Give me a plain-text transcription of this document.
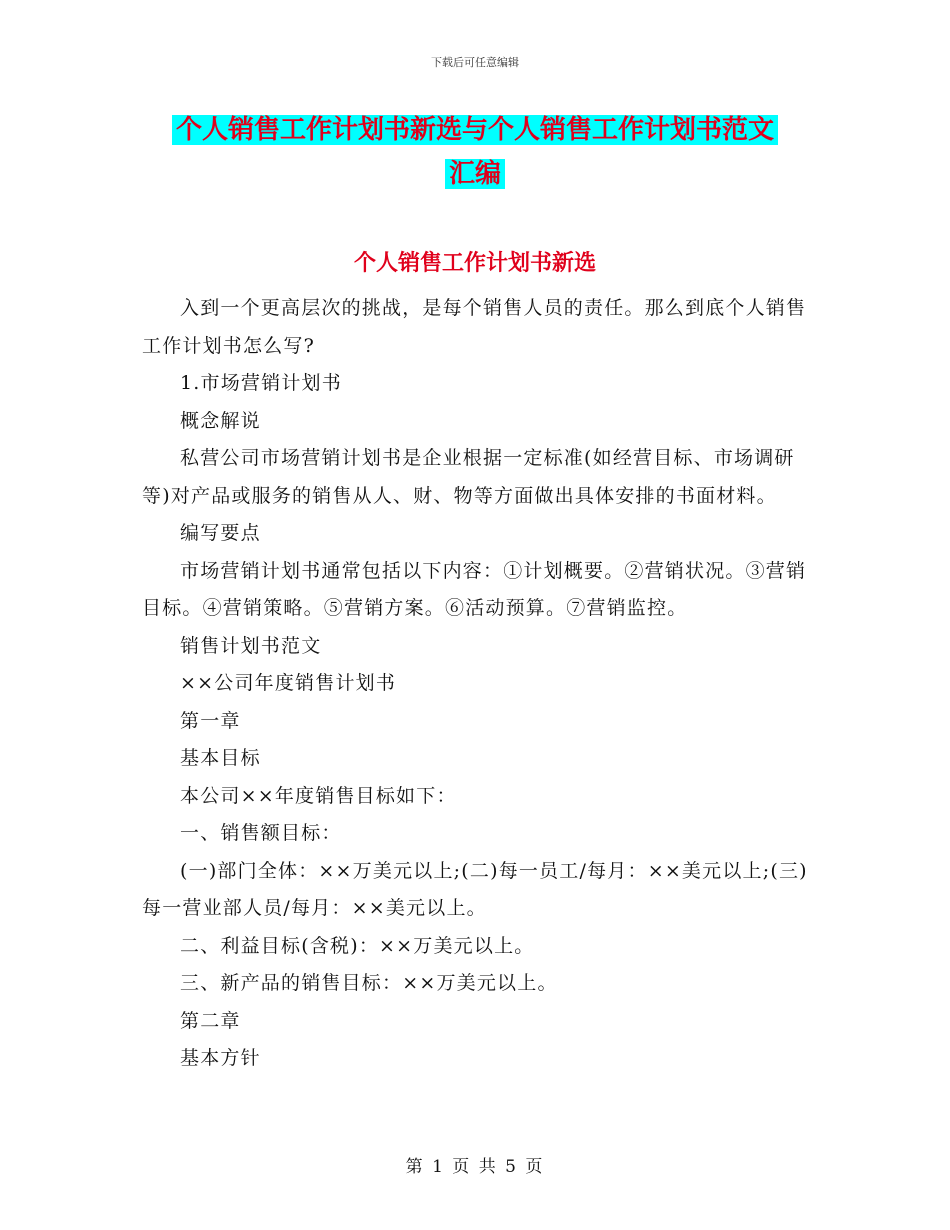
下载后可任意编辑
个人销售工作计划书新选与个人销售工作计划书范文
汇编
个人销售工作计划书新选

入到一个更高层次的挑战，是每个销售人员的责任。那么到底个人销售工作计划书怎么写?

1.市场营销计划书

概念解说

私营公司市场营销计划书是企业根据一定标准(如经营目标、市场调研等)对产品或服务的销售从人、财、物等方面做出具体安排的书面材料。

编写要点

市场营销计划书通常包括以下内容：①计划概要。②营销状况。③营销目标。④营销策略。⑤营销方案。⑥活动预算。⑦营销监控。

销售计划书范文

××公司年度销售计划书

第一章

基本目标

本公司××年度销售目标如下：

一、销售额目标：

(一)部门全体：××万美元以上;(二)每一员工/每月：××美元以上;(三)每一营业部人员/每月：××美元以上。

二、利益目标(含税)：××万美元以上。

三、新产品的销售目标：××万美元以上。

第二章

基本方针

第 1 页 共 5 页
